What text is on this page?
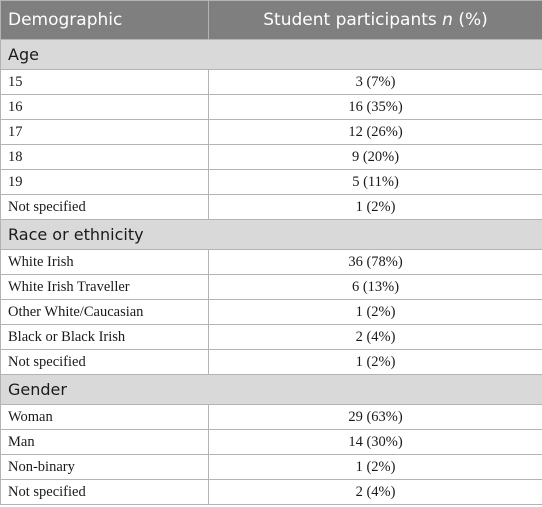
Demographic	Student participants n (%)
Age	
15	3 (7%)
16	16 (35%)
17	12 (26%)
18	9 (20%)
19	5 (11%)
Not specified	1 (2%)
Race or ethnicity	
White Irish	36 (78%)
White Irish Traveller	6 (13%)
Other White/Caucasian	1 (2%)
Black or Black Irish	2 (4%)
Not specified	1 (2%)
Gender	
Woman	29 (63%)
Man	14 (30%)
Non-binary	1 (2%)
Not specified	2 (4%)
